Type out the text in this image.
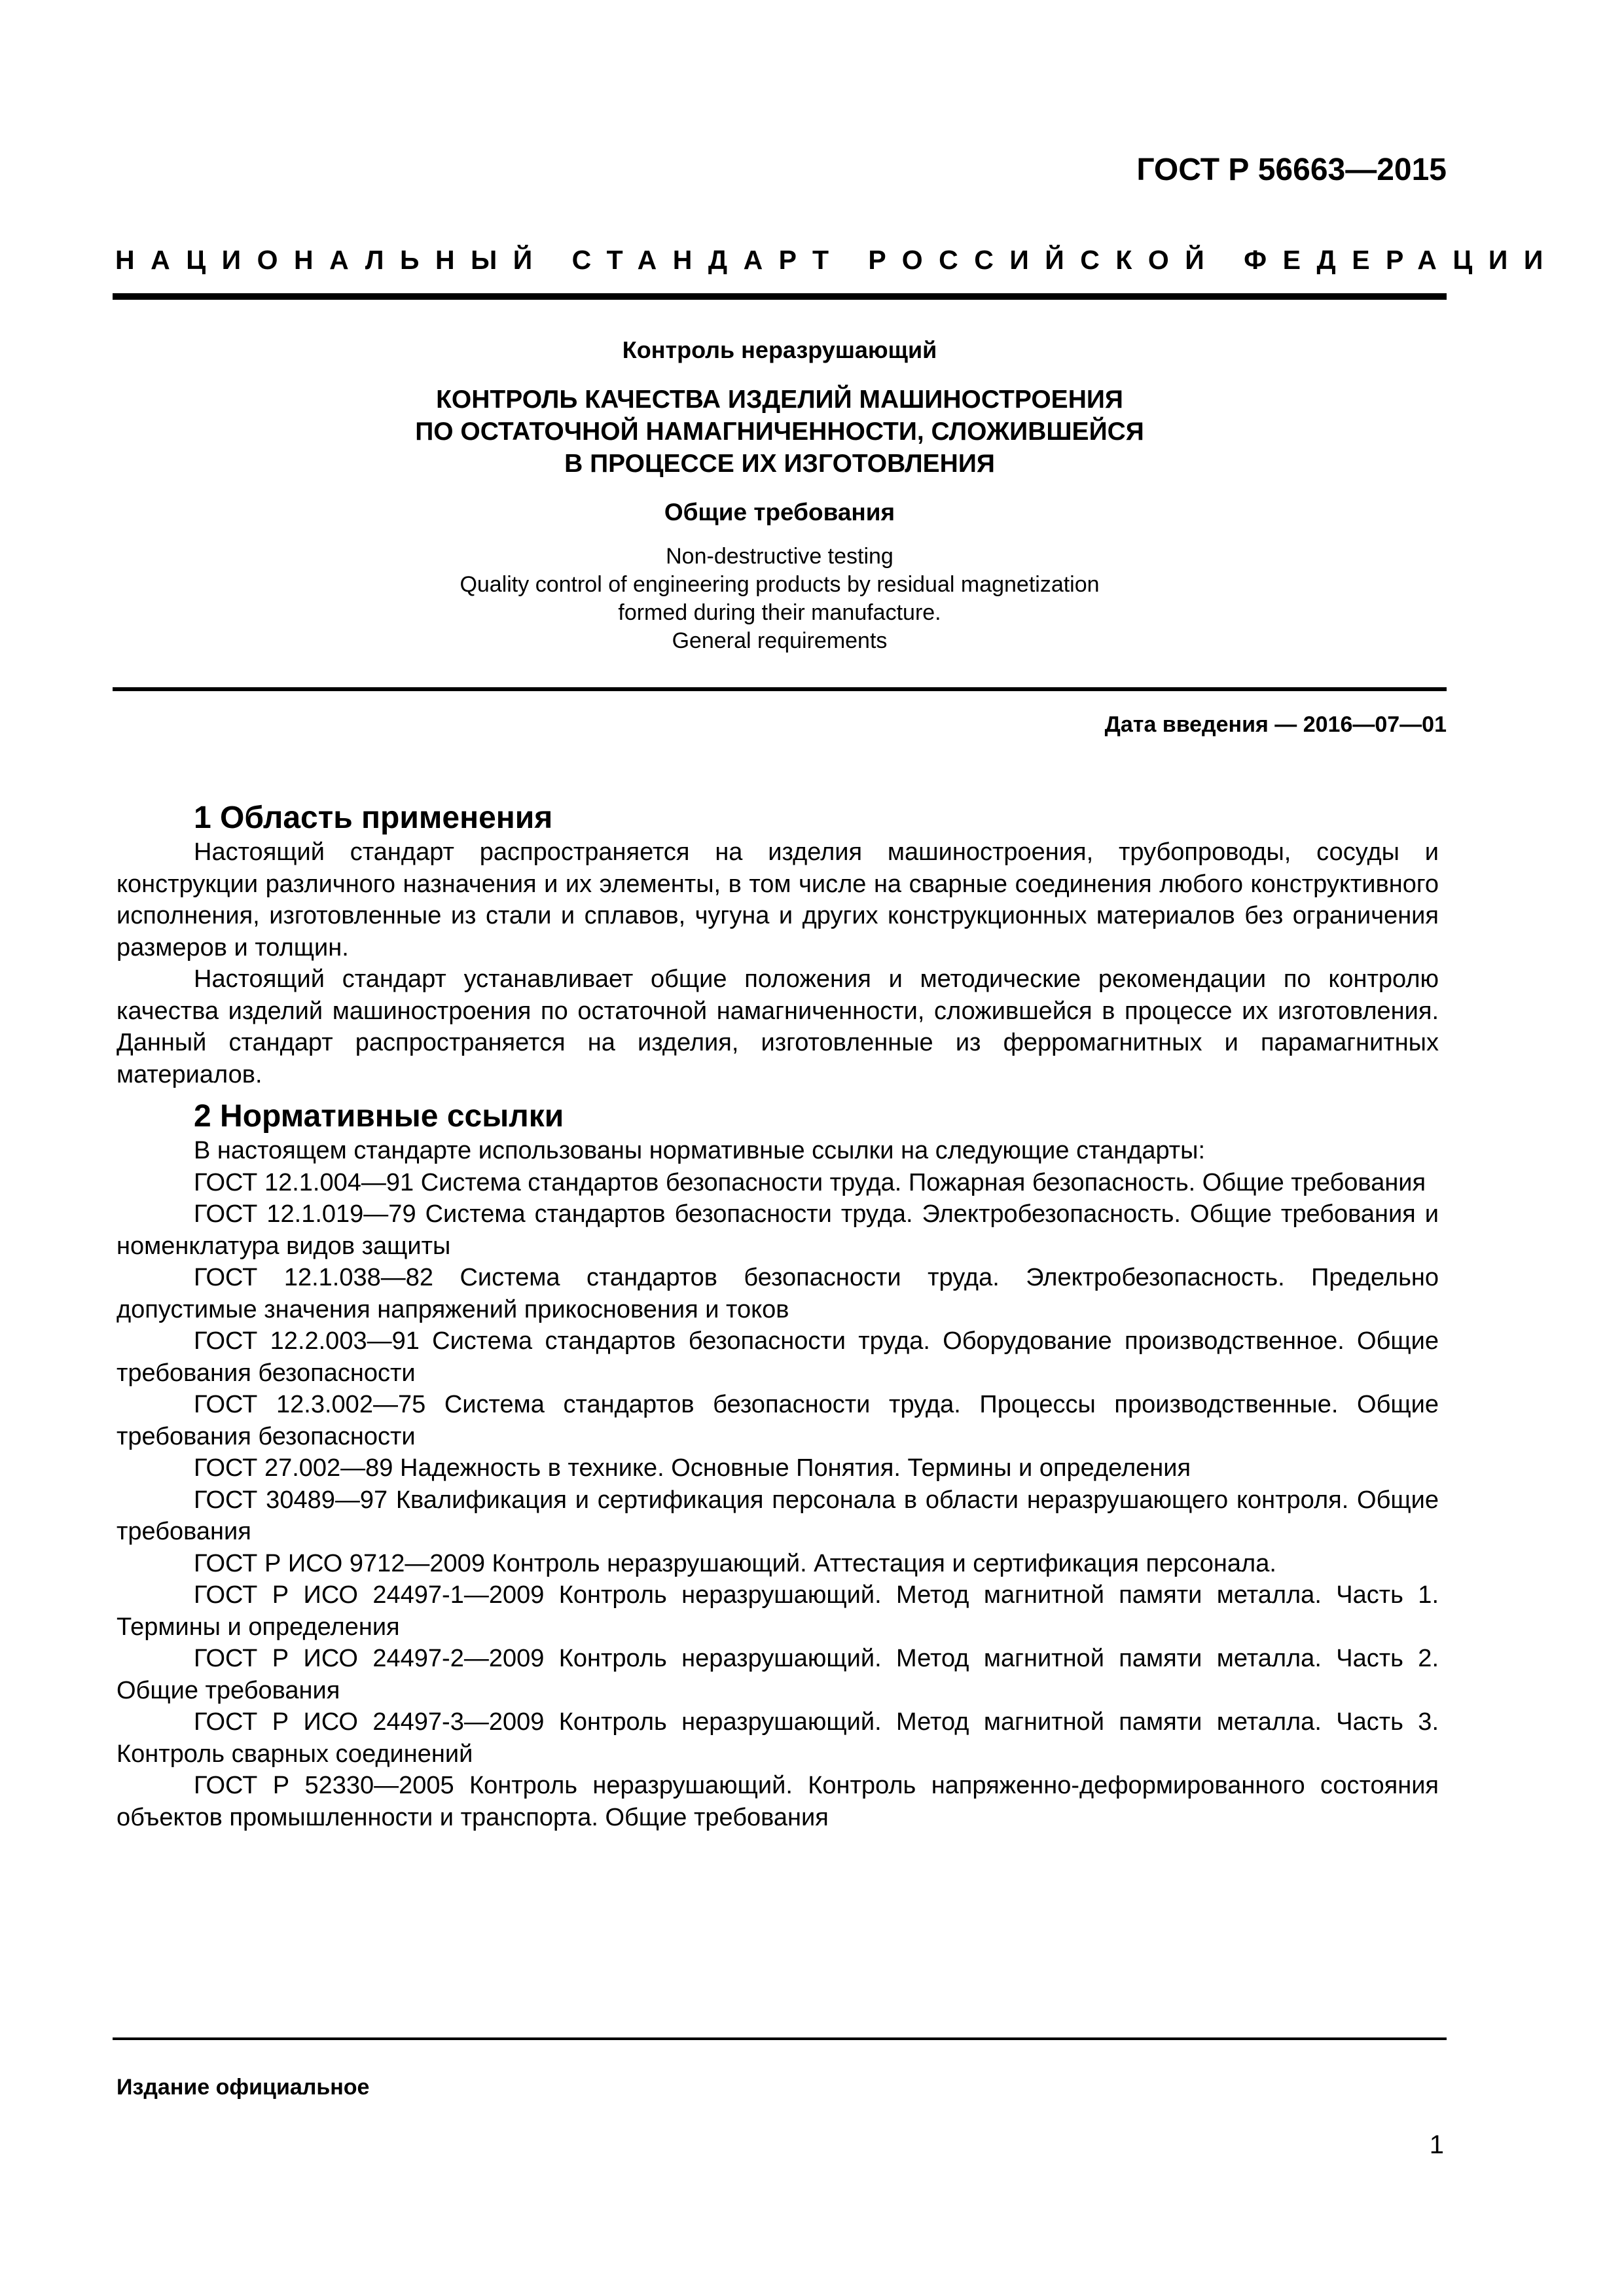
ГОСТ Р 56663—2015
НАЦИОНАЛЬНЫЙ СТАНДАРТ РОССИЙСКОЙ ФЕДЕРАЦИИ
Контроль неразрушающий
КОНТРОЛЬ КАЧЕСТВА ИЗДЕЛИЙ МАШИНОСТРОЕНИЯ
ПО ОСТАТОЧНОЙ НАМАГНИЧЕННОСТИ, СЛОЖИВШЕЙСЯ
В ПРОЦЕССЕ ИХ ИЗГОТОВЛЕНИЯ
Общие требования
Non-destructive testing
Quality control of engineering products by residual magnetization
formed during their manufacture.
General requirements
Дата введения — 2016—07—01
1 Область применения

Настоящий стандарт распространяется на изделия машиностроения, трубопроводы, сосуды и конструкции различного назначения и их элементы, в том числе на сварные соединения любого конструктивного исполнения, изготовленные из стали и сплавов, чугуна и других конструкционных материалов без ограничения размеров и толщин.

Настоящий стандарт устанавливает общие положения и методические рекомендации по контролю качества изделий машиностроения по остаточной намагниченности, сложившейся в процессе их изготовления. Данный стандарт распространяется на изделия, изготовленные из ферромагнитных и парамагнитных материалов.

2 Нормативные ссылки

В настоящем стандарте использованы нормативные ссылки на следующие стандарты:

ГОСТ 12.1.004—91 Система стандартов безопасности труда. Пожарная безопасность. Общие требования

ГОСТ 12.1.019—79 Система стандартов безопасности труда. Электробезопасность. Общие требования и номенклатура видов защиты

ГОСТ 12.1.038—82 Система стандартов безопасности труда. Электробезопасность. Предельно допустимые значения напряжений прикосновения и токов

ГОСТ 12.2.003—91 Система стандартов безопасности труда. Оборудование производственное. Общие требования безопасности

ГОСТ 12.3.002—75 Система стандартов безопасности труда. Процессы производственные. Общие требования безопасности

ГОСТ 27.002—89 Надежность в технике. Основные Понятия. Термины и определения

ГОСТ 30489—97 Квалификация и сертификация персонала в области неразрушающего контроля. Общие требования

ГОСТ Р ИСО 9712—2009 Контроль неразрушающий. Аттестация и сертификация персонала.

ГОСТ Р ИСО 24497-1—2009 Контроль неразрушающий. Метод магнитной памяти металла. Часть 1. Термины и определения

ГОСТ Р ИСО 24497-2—2009 Контроль неразрушающий. Метод магнитной памяти металла. Часть 2. Общие требования

ГОСТ Р ИСО 24497-3—2009 Контроль неразрушающий. Метод магнитной памяти металла. Часть 3. Контроль сварных соединений

ГОСТ Р 52330—2005 Контроль неразрушающий. Контроль напряженно-деформированного состояния объектов промышленности и транспорта. Общие требования

Издание официальное
1
